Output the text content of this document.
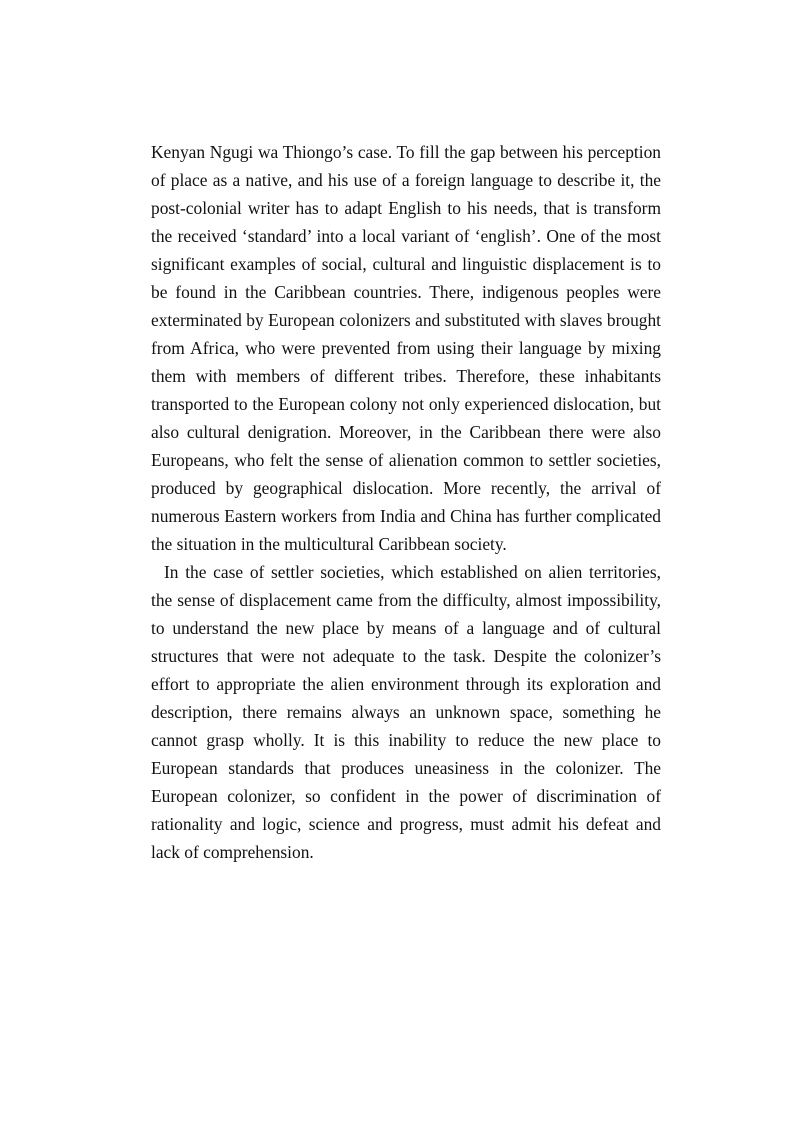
Kenyan Ngugi wa Thiongo’s case. To fill the gap between his perception of place as a native, and his use of a foreign language to describe it, the post-colonial writer has to adapt English to his needs, that is transform the received ‘standard’ into a local variant of ‘english’. One of the most significant examples of social, cultural and linguistic displacement is to be found in the Caribbean countries. There, indigenous peoples were exterminated by European colonizers and substituted with slaves brought from Africa, who were prevented from using their language by mixing them with members of different tribes. Therefore, these inhabitants transported to the European colony not only experienced dislocation, but also cultural denigration. Moreover, in the Caribbean there were also Europeans, who felt the sense of alienation common to settler societies, produced by geographical dislocation. More recently, the arrival of numerous Eastern workers from India and China has further complicated the situation in the multicultural Caribbean society.

In the case of settler societies, which established on alien territories, the sense of displacement came from the difficulty, almost impossibility, to understand the new place by means of a language and of cultural structures that were not adequate to the task. Despite the colonizer’s effort to appropriate the alien environment through its exploration and description, there remains always an unknown space, something he cannot grasp wholly. It is this inability to reduce the new place to European standards that produces uneasiness in the colonizer. The European colonizer, so confident in the power of discrimination of rationality and logic, science and progress, must admit his defeat and lack of comprehension.
